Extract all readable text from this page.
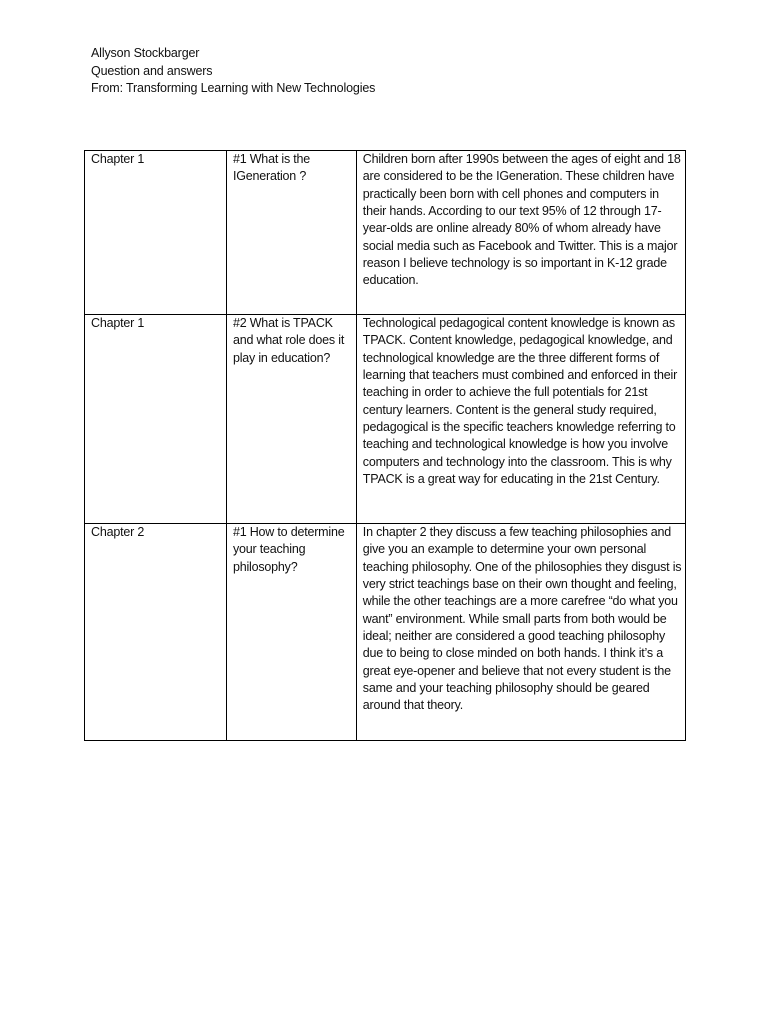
Allyson Stockbarger
Question and answers
From: Transforming Learning with New Technologies
Chapter 1	#1 What is the IGeneration ?	Children born after 1990s between the ages of eight and 18 are considered to be the IGeneration. These children have practically been born with cell phones and computers in their hands. According to our text 95% of 12 through 17-year-olds are online already 80% of whom already have social media such as Facebook and Twitter. This is a major reason I believe technology is so important in K-12 grade education.

Chapter 1	#2 What is TPACK and what role does it play in education?	Technological pedagogical content knowledge is known as TPACK. Content knowledge, pedagogical knowledge, and technological knowledge are the three different forms of learning that teachers must combined and enforced in their teaching in order to achieve the full potentials for 21st century learners. Content is the general study required, pedagogical is the specific teachers knowledge referring to teaching and technological knowledge is how you involve computers and technology into the classroom. This is why TPACK is a great way for educating in the 21st Century.

Chapter 2	#1 How to determine your teaching philosophy?	In chapter 2 they discuss a few teaching philosophies and give you an example to determine your own personal teaching philosophy. One of the philosophies they disgust is very strict teachings base on their own thought and feeling, while the other teachings are a more carefree “do what you want” environment. While small parts from both would be ideal; neither are considered a good teaching philosophy due to being to close minded on both hands. I think it’s a great eye-opener and believe that not every student is the same and your teaching philosophy should be geared around that theory.
